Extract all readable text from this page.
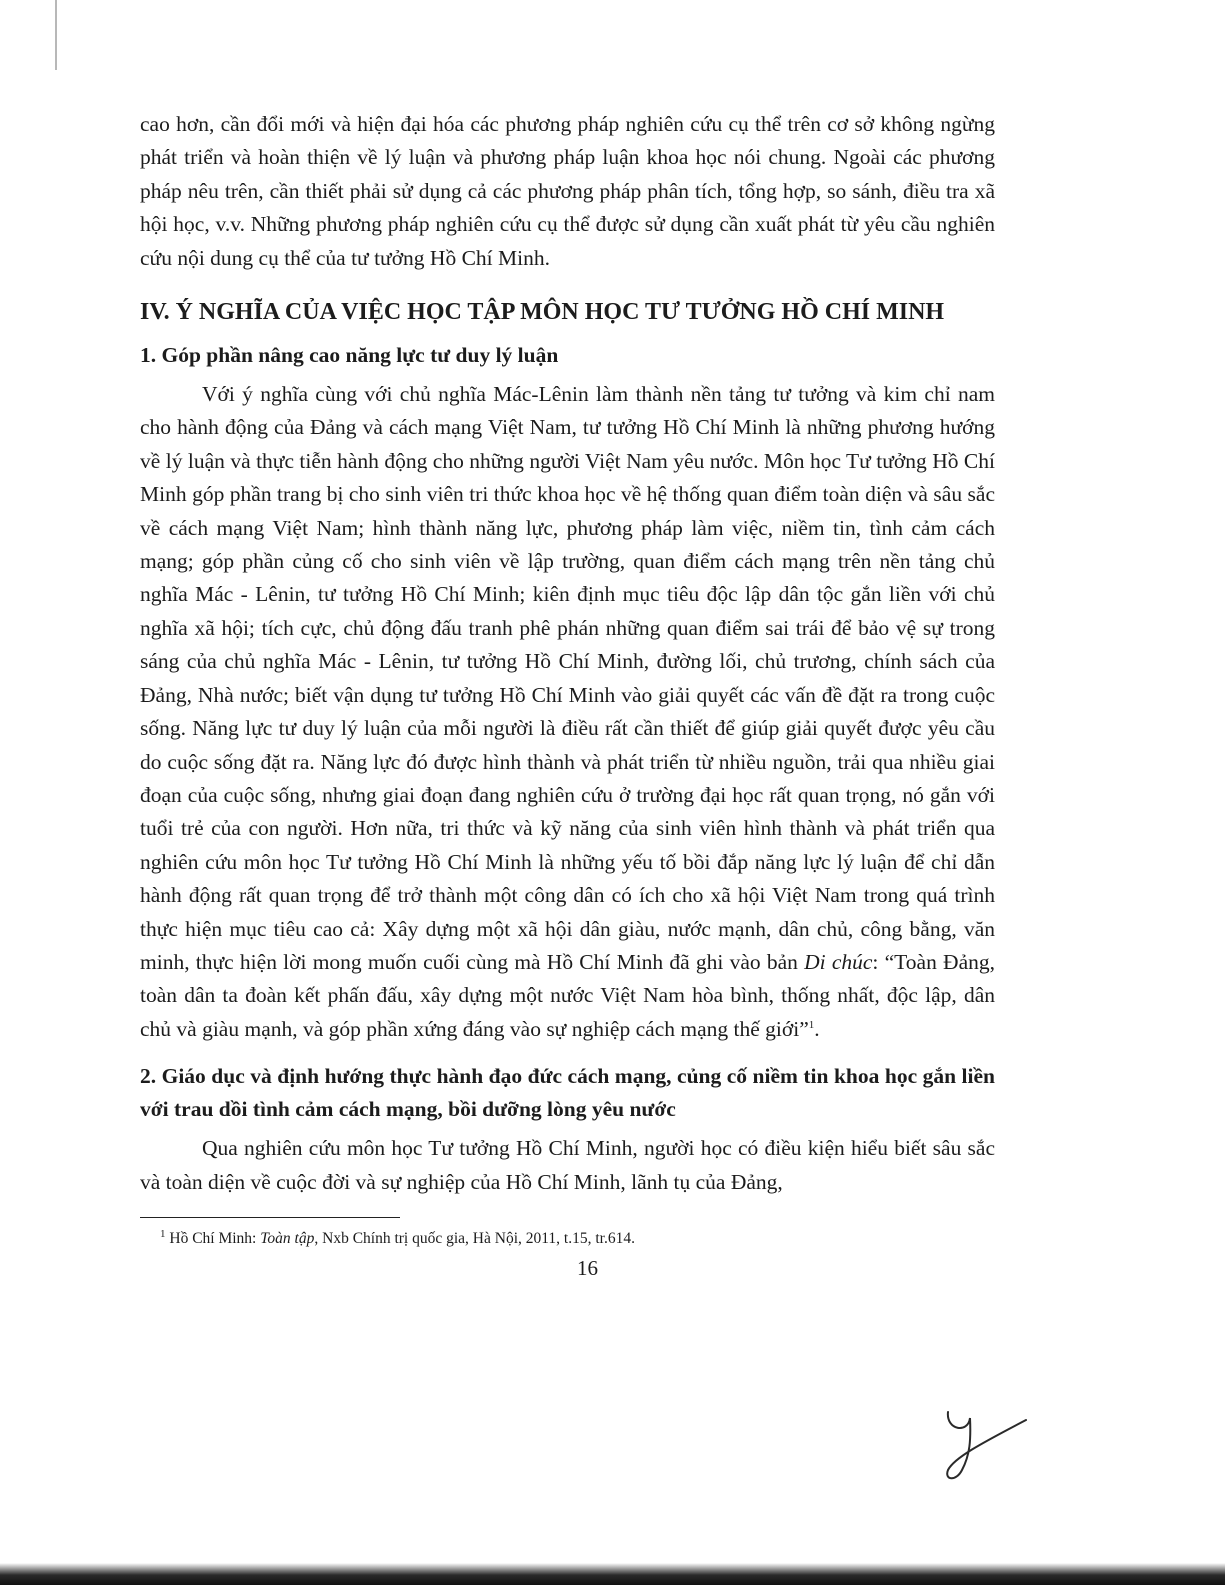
cao hơn, cần đổi mới và hiện đại hóa các phương pháp nghiên cứu cụ thể trên cơ sở không ngừng phát triển và hoàn thiện về lý luận và phương pháp luận khoa học nói chung. Ngoài các phương pháp nêu trên, cần thiết phải sử dụng cả các phương pháp phân tích, tổng hợp, so sánh, điều tra xã hội học, v.v. Những phương pháp nghiên cứu cụ thể được sử dụng cần xuất phát từ yêu cầu nghiên cứu nội dung cụ thể của tư tưởng Hồ Chí Minh.

IV. Ý NGHĨA CỦA VIỆC HỌC TẬP MÔN HỌC TƯ TƯỞNG HỒ CHÍ MINH
1. Góp phần nâng cao năng lực tư duy lý luận

Với ý nghĩa cùng với chủ nghĩa Mác-Lênin làm thành nền tảng tư tưởng và kim chỉ nam cho hành động của Đảng và cách mạng Việt Nam, tư tưởng Hồ Chí Minh là những phương hướng về lý luận và thực tiễn hành động cho những người Việt Nam yêu nước. Môn học Tư tưởng Hồ Chí Minh góp phần trang bị cho sinh viên tri thức khoa học về hệ thống quan điểm toàn diện và sâu sắc về cách mạng Việt Nam; hình thành năng lực, phương pháp làm việc, niềm tin, tình cảm cách mạng; góp phần củng cố cho sinh viên về lập trường, quan điểm cách mạng trên nền tảng chủ nghĩa Mác - Lênin, tư tưởng Hồ Chí Minh; kiên định mục tiêu độc lập dân tộc gắn liền với chủ nghĩa xã hội; tích cực, chủ động đấu tranh phê phán những quan điểm sai trái để bảo vệ sự trong sáng của chủ nghĩa Mác - Lênin, tư tưởng Hồ Chí Minh, đường lối, chủ trương, chính sách của Đảng, Nhà nước; biết vận dụng tư tưởng Hồ Chí Minh vào giải quyết các vấn đề đặt ra trong cuộc sống. Năng lực tư duy lý luận của mỗi người là điều rất cần thiết để giúp giải quyết được yêu cầu do cuộc sống đặt ra. Năng lực đó được hình thành và phát triển từ nhiều nguồn, trải qua nhiều giai đoạn của cuộc sống, nhưng giai đoạn đang nghiên cứu ở trường đại học rất quan trọng, nó gắn với tuổi trẻ của con người. Hơn nữa, tri thức và kỹ năng của sinh viên hình thành và phát triển qua nghiên cứu môn học Tư tưởng Hồ Chí Minh là những yếu tố bồi đắp năng lực lý luận để chỉ dẫn hành động rất quan trọng để trở thành một công dân có ích cho xã hội Việt Nam trong quá trình thực hiện mục tiêu cao cả: Xây dựng một xã hội dân giàu, nước mạnh, dân chủ, công bằng, văn minh, thực hiện lời mong muốn cuối cùng mà Hồ Chí Minh đã ghi vào bản Di chúc: “Toàn Đảng, toàn dân ta đoàn kết phấn đấu, xây dựng một nước Việt Nam hòa bình, thống nhất, độc lập, dân chủ và giàu mạnh, và góp phần xứng đáng vào sự nghiệp cách mạng thế giới”$^1$.

2. Giáo dục và định hướng thực hành đạo đức cách mạng, củng cố niềm tin khoa học gắn liền với trau dồi tình cảm cách mạng, bồi dưỡng lòng yêu nước

Qua nghiên cứu môn học Tư tưởng Hồ Chí Minh, người học có điều kiện hiểu biết sâu sắc và toàn diện về cuộc đời và sự nghiệp của Hồ Chí Minh, lãnh tụ của Đảng,

$^1$ Hồ Chí Minh: Toàn tập, Nxb Chính trị quốc gia, Hà Nội, 2011, t.15, tr.614.
16
